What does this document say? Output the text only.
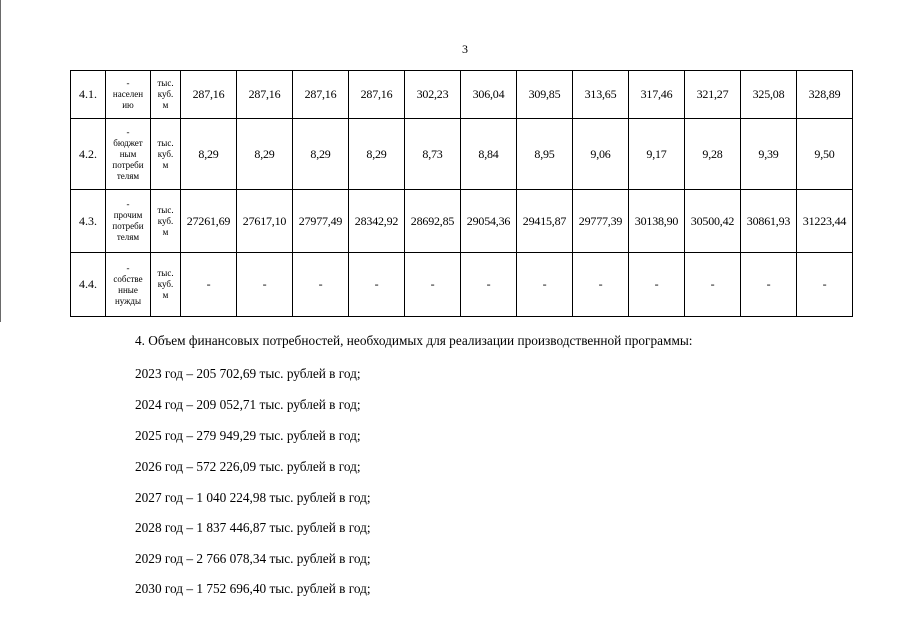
3
4.1.	-
населен
ию	тыс.
куб.
м	287,16	287,16	287,16	287,16	302,23	306,04	309,85	313,65	317,46	321,27	325,08	328,89
4.2.	-
бюджет
ным
потреби
телям	тыс.
куб.
м	8,29	8,29	8,29	8,29	8,73	8,84	8,95	9,06	9,17	9,28	9,39	9,50
4.3.	-
прочим
потреби
телям	тыс.
куб.
м	27261,69	27617,10	27977,49	28342,92	28692,85	29054,36	29415,87	29777,39	30138,90	30500,42	30861,93	31223,44
4.4.	-
собстве
нные
нужды	тыс.
куб.
м	-	-	-	-	-	-	-	-	-	-	-	-
4. Объем финансовых потребностей, необходимых для реализации производственной программы:
2023 год – 205 702,69 тыс. рублей в год;
2024 год – 209 052,71 тыс. рублей в год;
2025 год – 279 949,29 тыс. рублей в год;
2026 год – 572 226,09 тыс. рублей в год;
2027 год – 1 040 224,98 тыс. рублей в год;
2028 год – 1 837 446,87 тыс. рублей в год;
2029 год – 2 766 078,34 тыс. рублей в год;
2030 год – 1 752 696,40 тыс. рублей в год;
